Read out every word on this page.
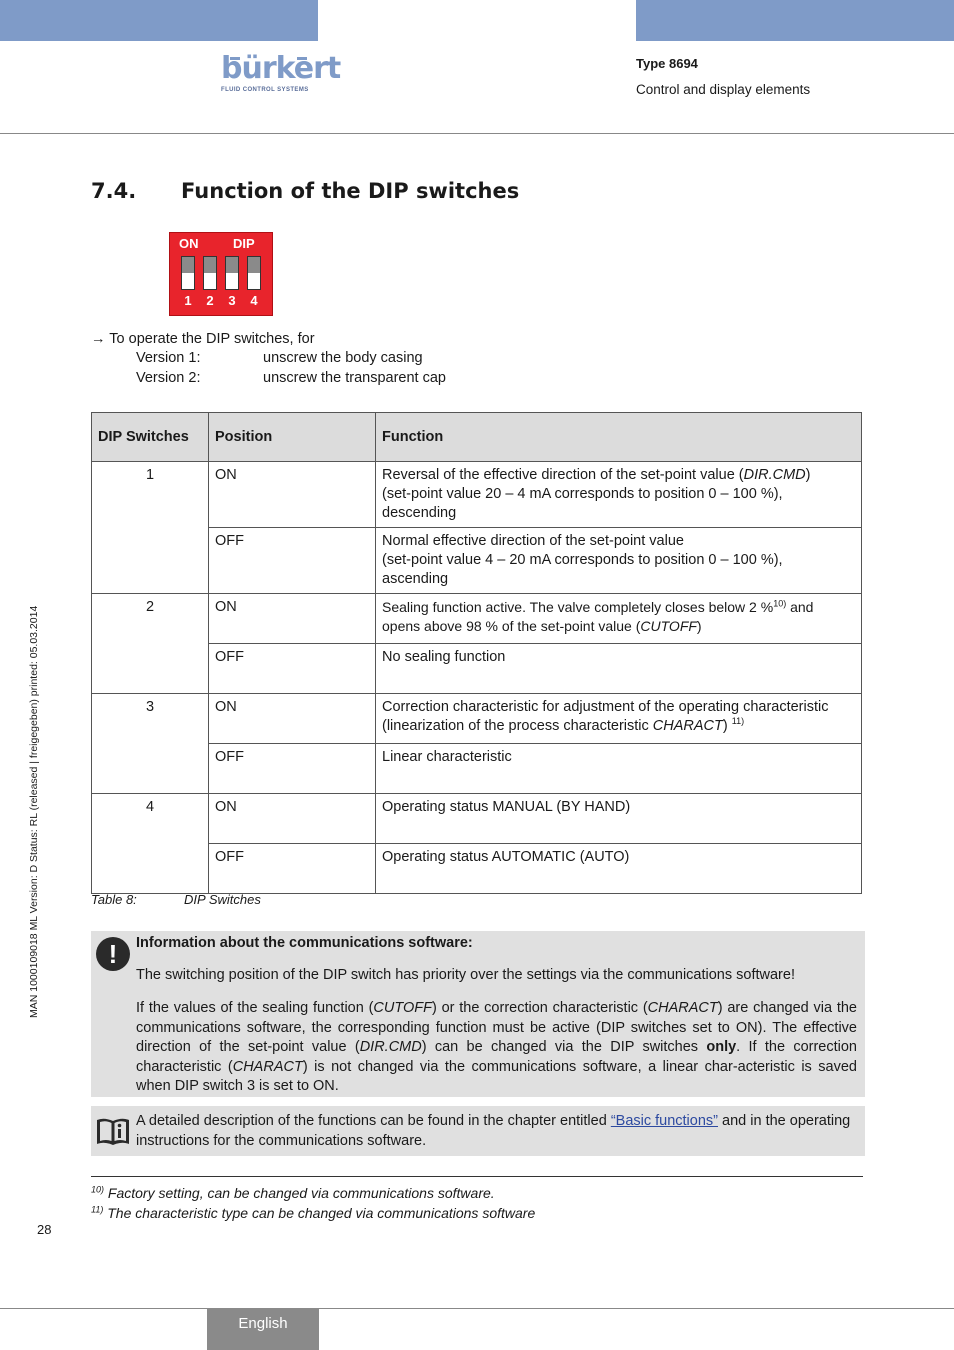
bürkert
FLUID CONTROL SYSTEMS
Type 8694
Control and display elements
7.4. Function of the DIP switches
ON	DIP
1 2 3 4
→ To operate the DIP switches, for
Version 1:	unscrew the body casing
Version 2:	unscrew the transparent cap
DIP Switches	Position	Function
1	ON	Reversal of the effective direction of the set-point value (DIR.CMD)
(set-point value 20 – 4 mA corresponds to position 0 – 100 %),
descending
	OFF	Normal effective direction of the set-point value
(set-point value 4 – 20 mA corresponds to position 0 – 100 %),
ascending
2	ON	Sealing function active. The valve completely closes below 2 %$^{10)}$ and
opens above 98 % of the set-point value (CUTOFF)
	OFF	No sealing function
3	ON	Correction characteristic for adjustment of the operating characteristic
(linearization of the process characteristic CHARACT) $^{11)}$
	OFF	Linear characteristic
4	ON	Operating status MANUAL (BY HAND)
	OFF	Operating status AUTOMATIC (AUTO)
Table 8:	DIP Switches
!	Information about the communications software:
The switching position of the DIP switch has priority over the settings via the communications software!
If the values of the sealing function (CUTOFF) or the correction characteristic (CHARACT) are changed via the communications software, the corresponding function must be active (DIP switches set to ON). The effective direction of the set-point value (DIR.CMD) can be changed via the DIP switches only. If the correction characteristic (CHARACT) is not changed via the communications software, a linear char-acteristic is saved when DIP switch 3 is set to ON.
A detailed description of the functions can be found in the chapter entitled “Basic functions” and in the operating instructions for the communications software.
$^{10)}$ Factory setting, can be changed via communications software.
$^{11)}$ The characteristic type can be changed via communications software
28
MAN 1000109018 ML Version: D Status: RL (released | freigegeben) printed: 05.03.2014
English
